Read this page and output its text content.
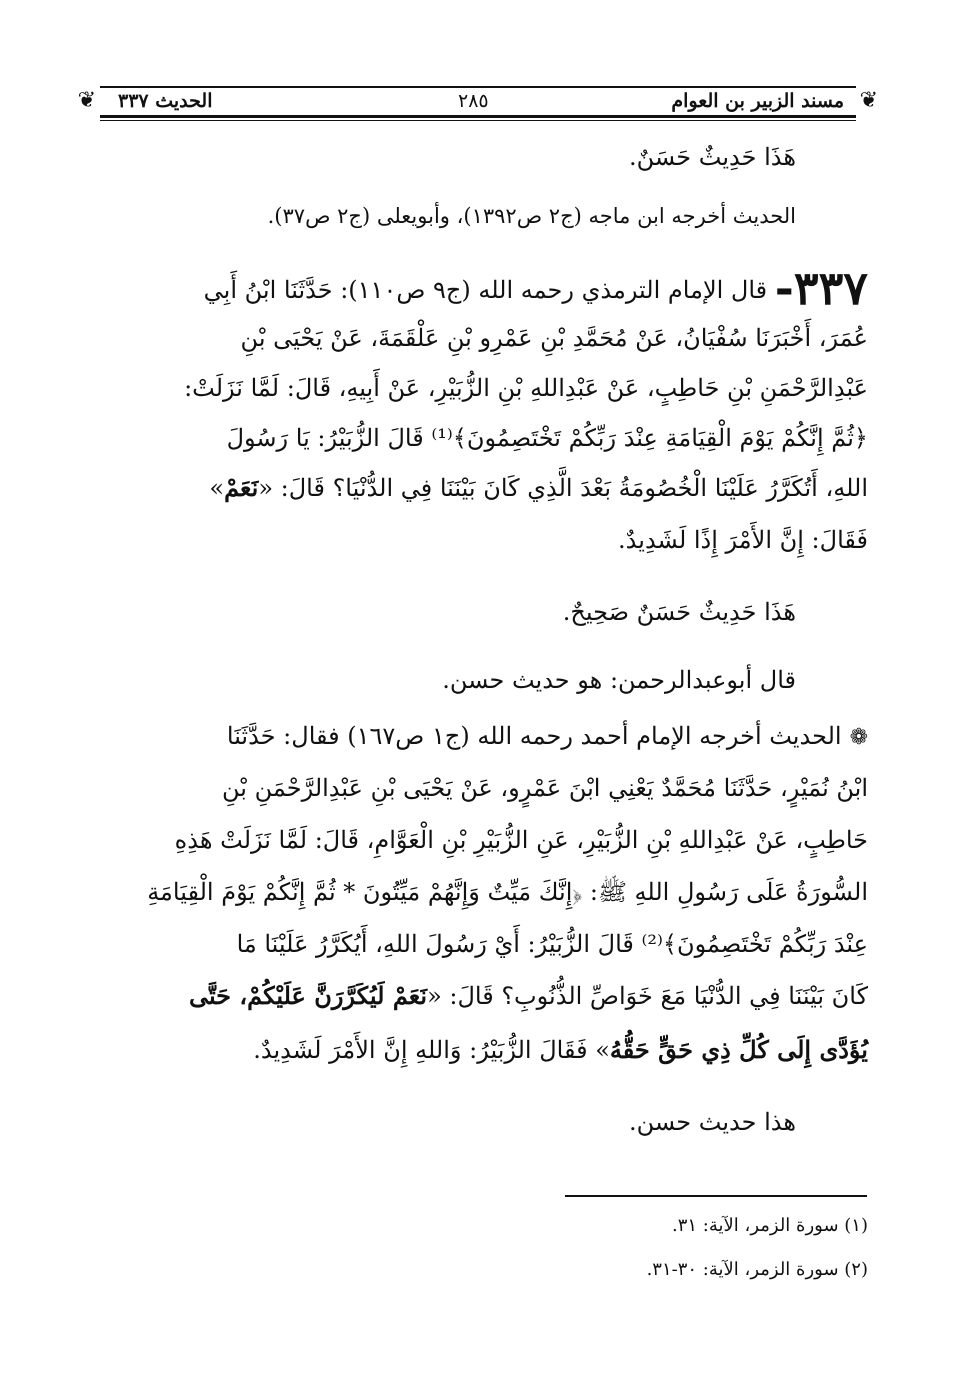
❦
❦	مسند الزبير بن العوام
٢٨٥
الحديث ٣٣٧
هَذَا حَدِيثٌ حَسَنٌ.
الحديث أخرجه ابن ماجه (ج٢ ص١٣٩٢)، وأبويعلى (ج٢ ص٣٧).
٣٣٧- قال الإمام الترمذي رحمه الله (ج٩ ص١١٠): حَدَّثَنَا ابْنُ أَبِي
عُمَرَ، أَخْبَرَنَا سُفْيَانُ، عَنْ مُحَمَّدِ بْنِ عَمْرِو بْنِ عَلْقَمَةَ، عَنْ يَحْيَى بْنِ
عَبْدِالرَّحْمَنِ بْنِ حَاطِبٍ، عَنْ عَبْدِاللهِ بْنِ الزُّبَيْرِ، عَنْ أَبِيهِ، قَالَ: لَمَّا نَزَلَتْ:
﴿ثُمَّ إِنَّكُمْ يَوْمَ الْقِيَامَةِ عِنْدَ رَبِّكُمْ تَخْتَصِمُونَ﴾⁽¹⁾ قَالَ الزُّبَيْرُ: يَا رَسُولَ
اللهِ، أَتُكَرَّرُ عَلَيْنَا الْخُصُومَةُ بَعْدَ الَّذِي كَانَ بَيْنَنَا فِي الدُّنْيَا؟ قَالَ: «نَعَمْ»
فَقَالَ: إِنَّ الأَمْرَ إِذًا لَشَدِيدٌ.
هَذَا حَدِيثٌ حَسَنٌ صَحِيحٌ.
قال أبوعبدالرحمن: هو حديث حسن.
❁الحديث أخرجه الإمام أحمد رحمه الله (ج١ ص١٦٧) فقال: حَدَّثَنَا
ابْنُ نُمَيْرٍ، حَدَّثَنَا مُحَمَّدٌ يَعْنِي ابْنَ عَمْرٍو، عَنْ يَحْيَى بْنِ عَبْدِالرَّحْمَنِ بْنِ
حَاطِبٍ، عَنْ عَبْدِاللهِ بْنِ الزُّبَيْرِ، عَنِ الزُّبَيْرِ بْنِ الْعَوَّامِ، قَالَ: لَمَّا نَزَلَتْ هَذِهِ
السُّورَةُ عَلَى رَسُولِ اللهِ ﷺ: ﴿إِنَّكَ مَيِّتٌ وَإِنَّهُمْ مَيِّتُونَ * ثُمَّ إِنَّكُمْ يَوْمَ الْقِيَامَةِ
عِنْدَ رَبِّكُمْ تَخْتَصِمُونَ﴾⁽²⁾ قَالَ الزُّبَيْرُ: أَيْ رَسُولَ اللهِ، أَيُكَرَّرُ عَلَيْنَا مَا
كَانَ بَيْنَنَا فِي الدُّنْيَا مَعَ خَوَاصِّ الذُّنُوبِ؟ قَالَ: «نَعَمْ لَيُكَرَّرَنَّ عَلَيْكُمْ، حَتَّى
يُؤَدَّى إِلَى كُلِّ ذِي حَقٍّ حَقُّهُ» فَقَالَ الزُّبَيْرُ: وَاللهِ إِنَّ الأَمْرَ لَشَدِيدٌ.
هذا حديث حسن.
(١) سورة الزمر، الآية: ٣١.
(٢) سورة الزمر، الآية: ٣٠-٣١.
